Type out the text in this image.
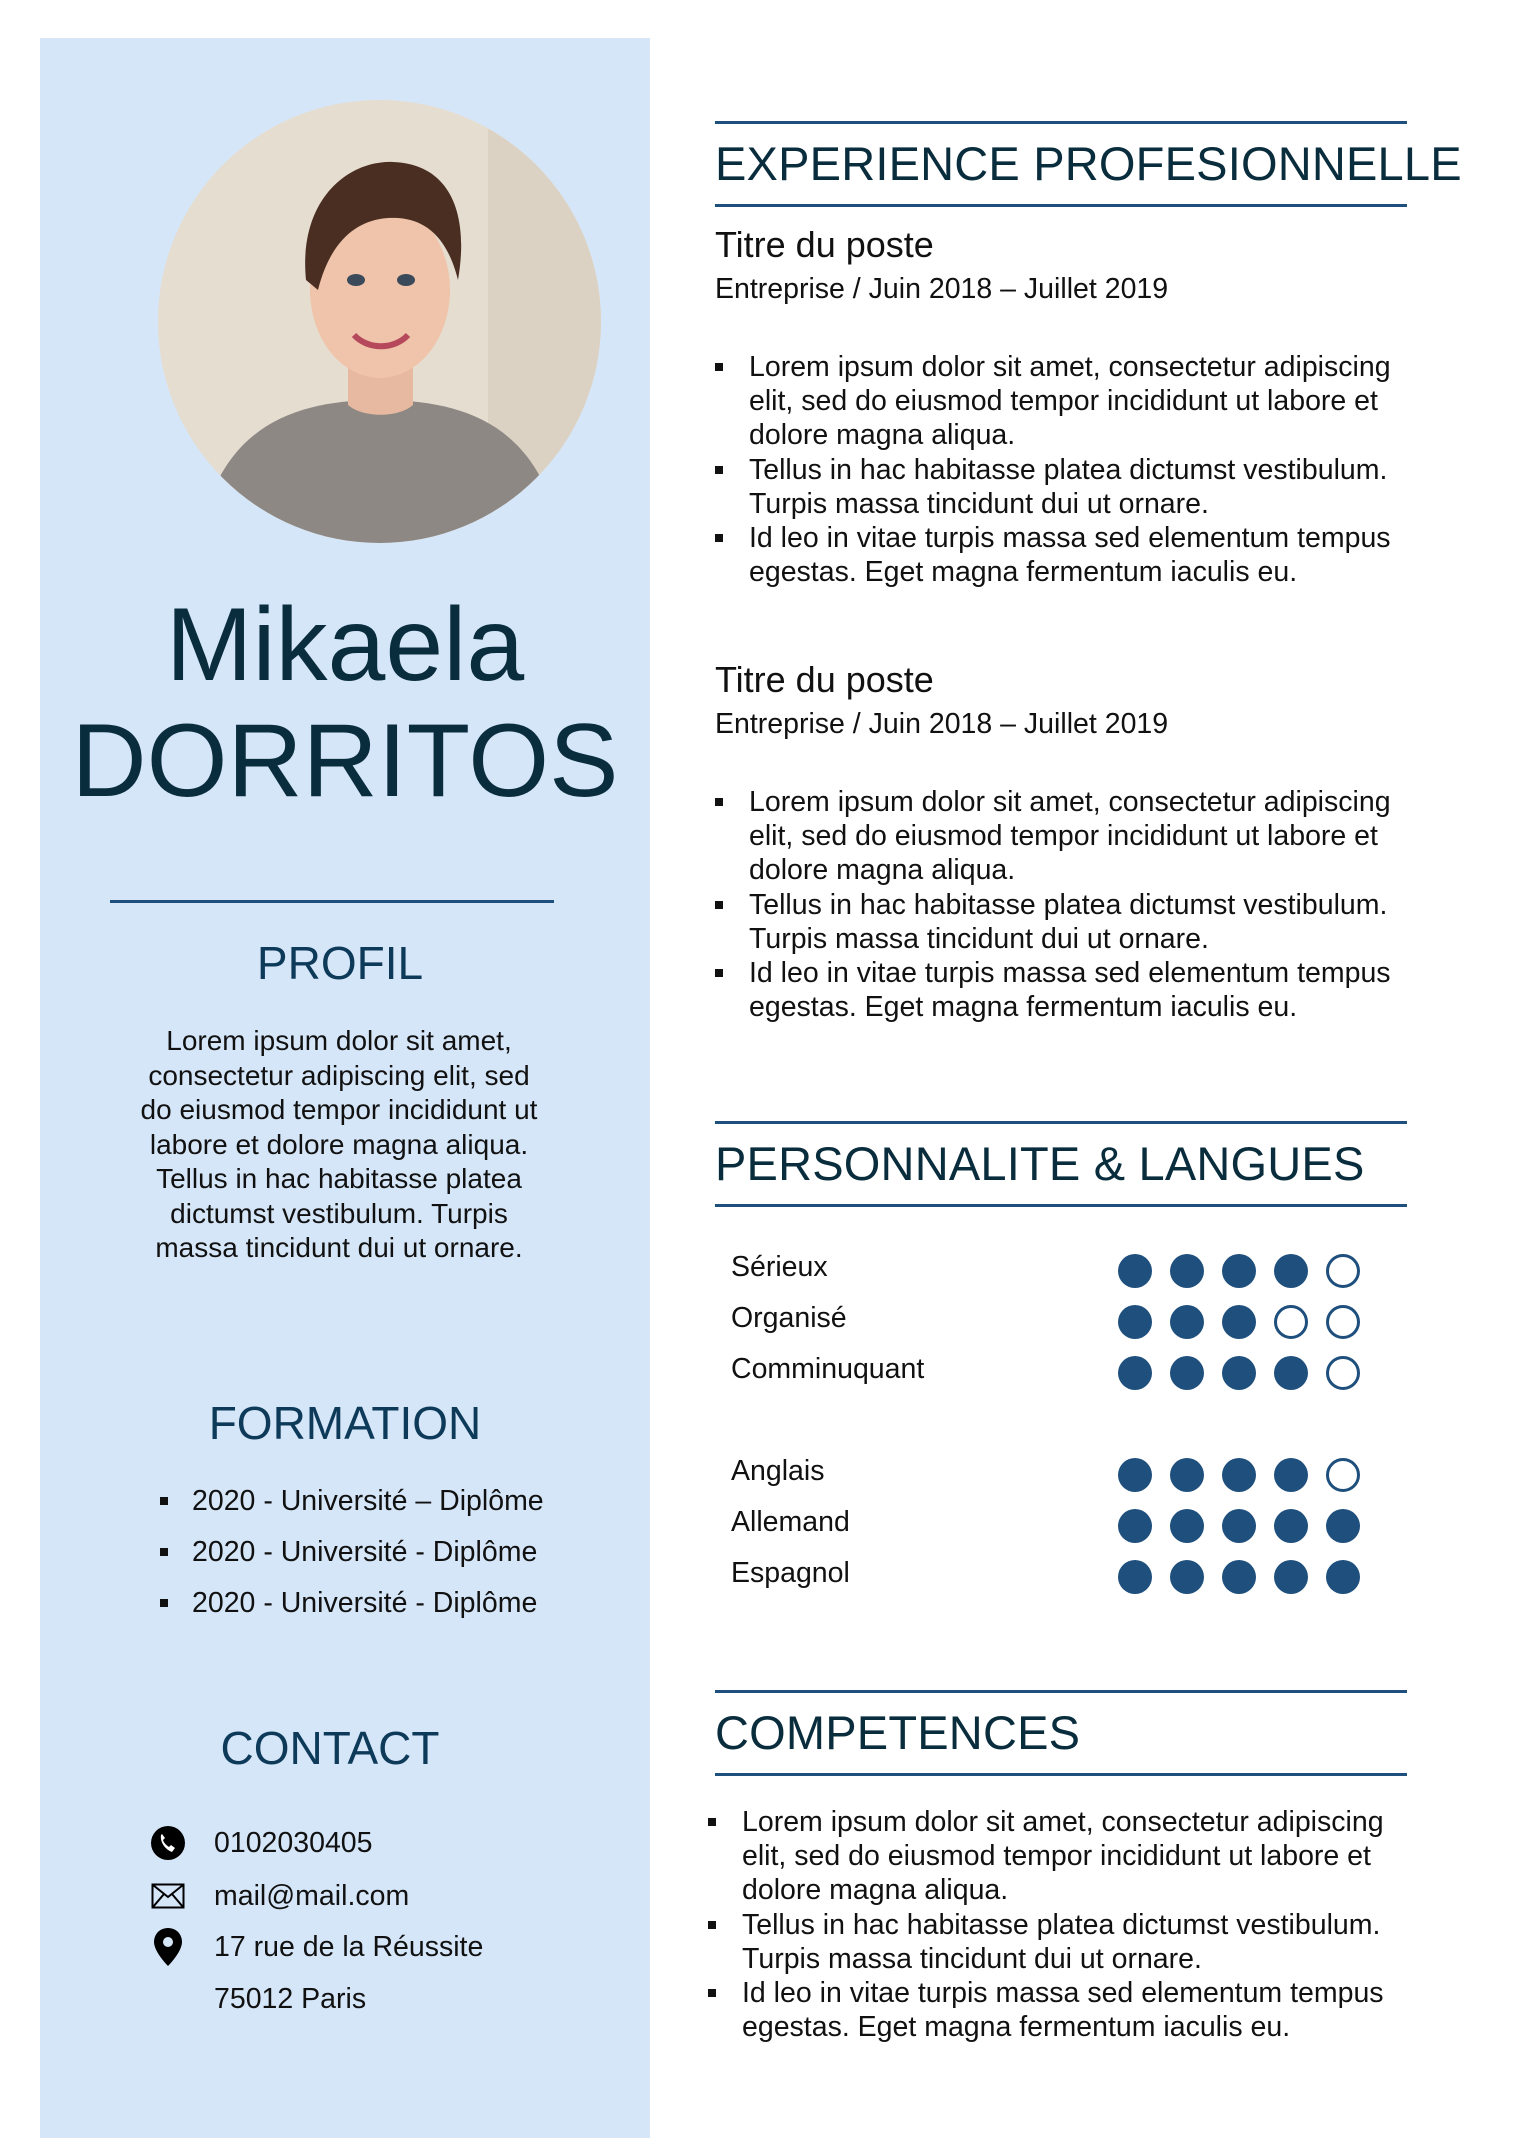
Mikaela
DORRITOS
PROFIL
Lorem ipsum dolor sit amet, consectetur adipiscing elit, sed do eiusmod tempor incididunt ut labore et dolore magna aliqua. Tellus in hac habitasse platea dictumst vestibulum. Turpis massa tincidunt dui ut ornare.
FORMATION
2020 - Université – Diplôme
2020 - Université - Diplôme
2020 - Université - Diplôme
CONTACT
0102030405
mail@mail.com
17 rue de la Réussite
75012 Paris
EXPERIENCE PROFESIONNELLE
Titre du poste
Entreprise / Juin 2018 – Juillet 2019
Lorem ipsum dolor sit amet, consectetur adipiscing elit, sed do eiusmod tempor incididunt ut labore et dolore magna aliqua.
Tellus in hac habitasse platea dictumst vestibulum. Turpis massa tincidunt dui ut ornare.
Id leo in vitae turpis massa sed elementum tempus egestas. Eget magna fermentum iaculis eu.
Titre du poste
Entreprise / Juin 2018 – Juillet 2019
Lorem ipsum dolor sit amet, consectetur adipiscing elit, sed do eiusmod tempor incididunt ut labore et dolore magna aliqua.
Tellus in hac habitasse platea dictumst vestibulum. Turpis massa tincidunt dui ut ornare.
Id leo in vitae turpis massa sed elementum tempus egestas. Eget magna fermentum iaculis eu.
PERSONNALITE & LANGUES
Sérieux
Organisé
Comminuquant
Anglais
Allemand
Espagnol
COMPETENCES
Lorem ipsum dolor sit amet, consectetur adipiscing elit, sed do eiusmod tempor incididunt ut labore et dolore magna aliqua.
Tellus in hac habitasse platea dictumst vestibulum. Turpis massa tincidunt dui ut ornare.
Id leo in vitae turpis massa sed elementum tempus egestas. Eget magna fermentum iaculis eu.
